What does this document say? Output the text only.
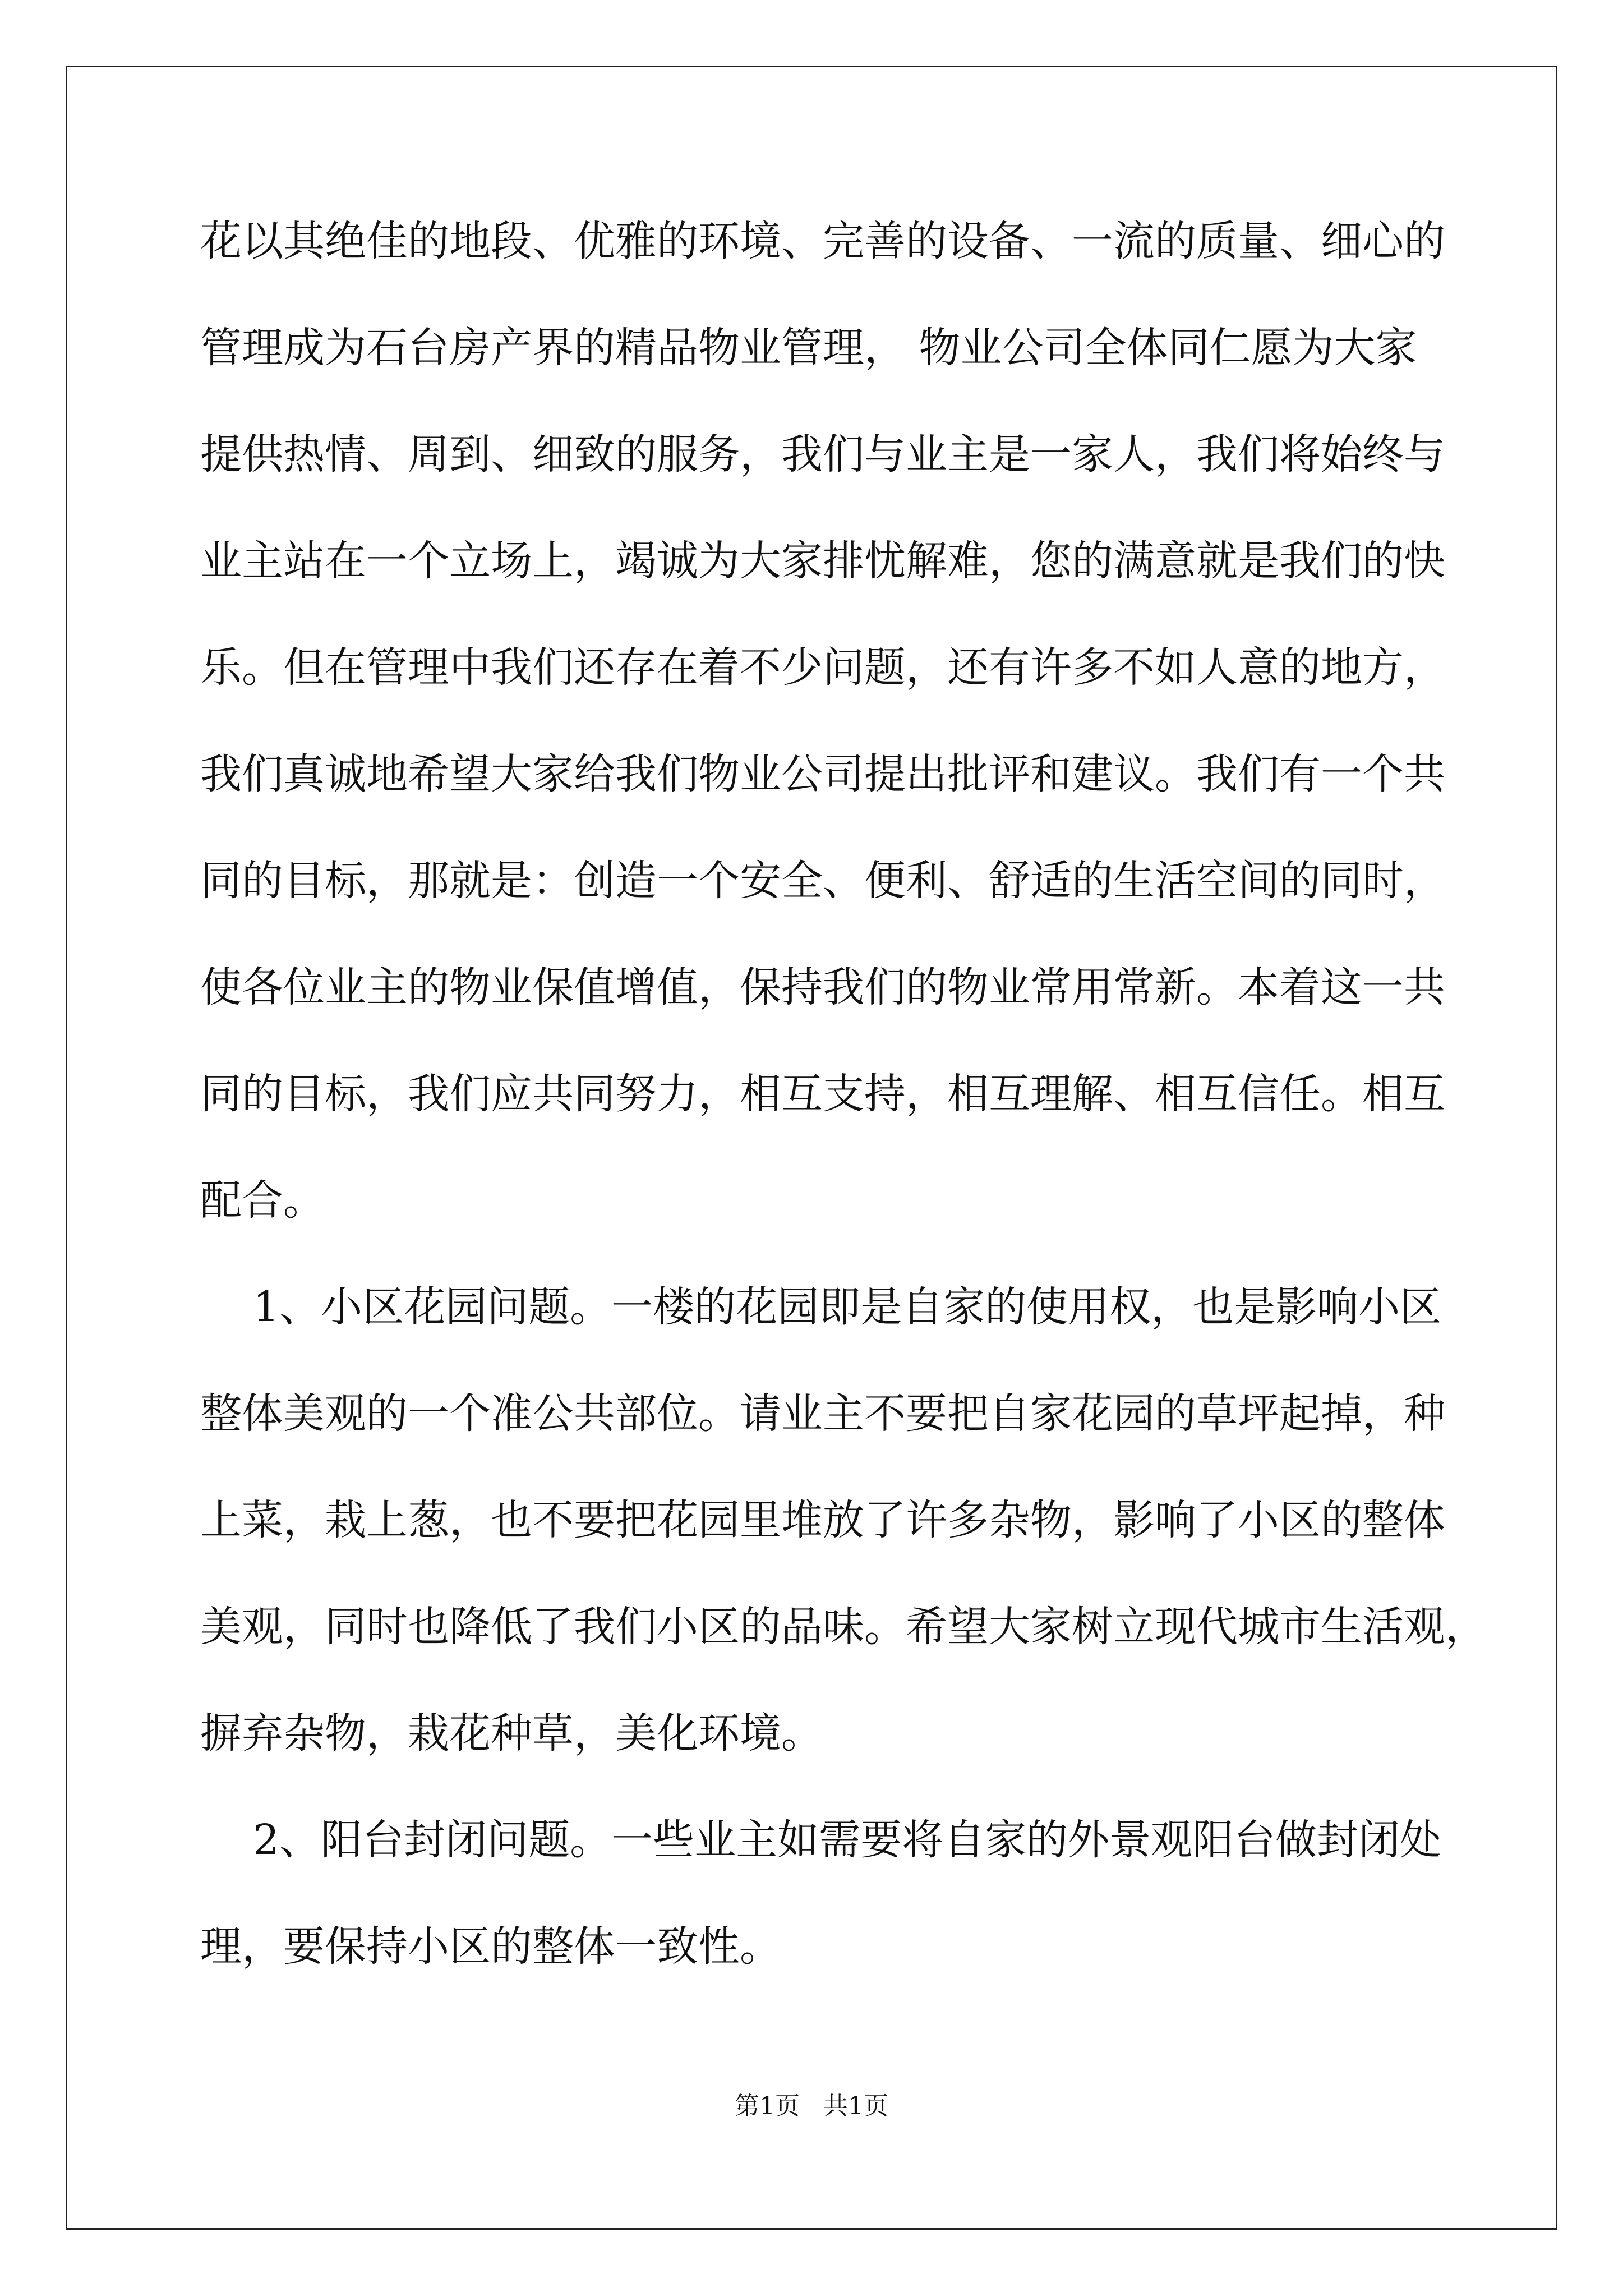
花以其绝佳的地段、优雅的环境、完善的设备、一流的质量、细心的
管理成为石台房产界的精品物业管理， 物业公司全体同仁愿为大家
提供热情、周到、细致的服务，我们与业主是一家人，我们将始终与
业主站在一个立场上，竭诚为大家排忧解难，您的满意就是我们的快
乐。但在管理中我们还存在着不少问题，还有许多不如人意的地方，
我们真诚地希望大家给我们物业公司提出批评和建议。我们有一个共
同的目标，那就是：创造一个安全、便利、舒适的生活空间的同时，
使各位业主的物业保值增值，保持我们的物业常用常新。本着这一共
同的目标，我们应共同努力，相互支持，相互理解、相互信任。相互
配合。
1、小区花园问题。一楼的花园即是自家的使用权，也是影响小区
整体美观的一个准公共部位。请业主不要把自家花园的草坪起掉，种
上菜，栽上葱，也不要把花园里堆放了许多杂物，影响了小区的整体
美观，同时也降低了我们小区的品味。希望大家树立现代城市生活观，
摒弃杂物，栽花种草，美化环境。
2、阳台封闭问题。一些业主如需要将自家的外景观阳台做封闭处
理，要保持小区的整体一致性。
第1页   共1页
